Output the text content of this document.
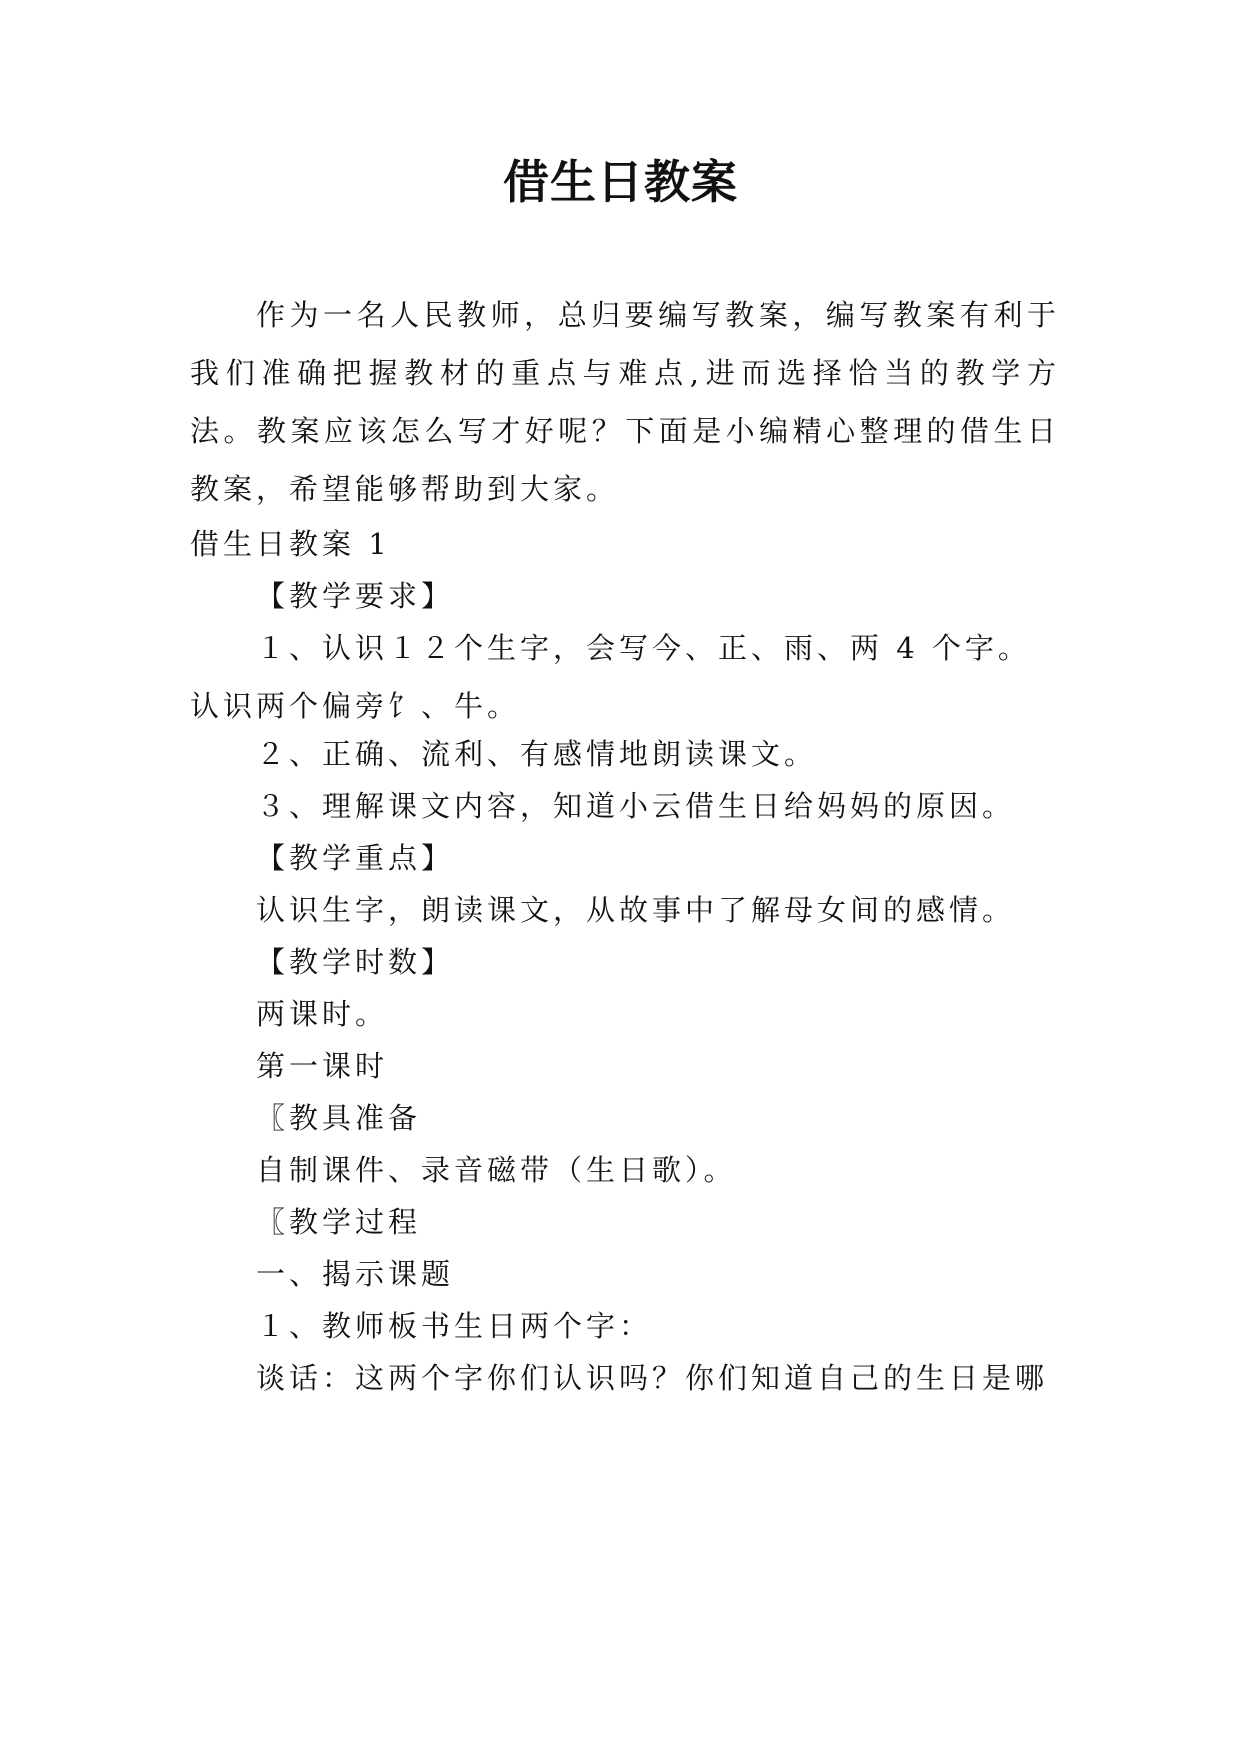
借生日教案

作为一名人民教师，总归要编写教案，编写教案有利于我们准确把握教材的重点与难点,进而选择恰当的教学方法。教案应该怎么写才好呢？下面是小编精心整理的借生日教案，希望能够帮助到大家。

借生日教案 1

【教学要求】

１、认识１２个生字，会写今、正、雨、两 4 个字。认识两个偏旁饣、牛。

２、正确、流利、有感情地朗读课文。

３、理解课文内容，知道小云借生日给妈妈的原因。

【教学重点】

认识生字，朗读课文，从故事中了解母女间的感情。

【教学时数】

两课时。

第一课时

〖教具准备

自制课件、录音磁带（生日歌）。

〖教学过程

一、揭示课题

１、教师板书生日两个字：

谈话：这两个字你们认识吗？你们知道自己的生日是哪
